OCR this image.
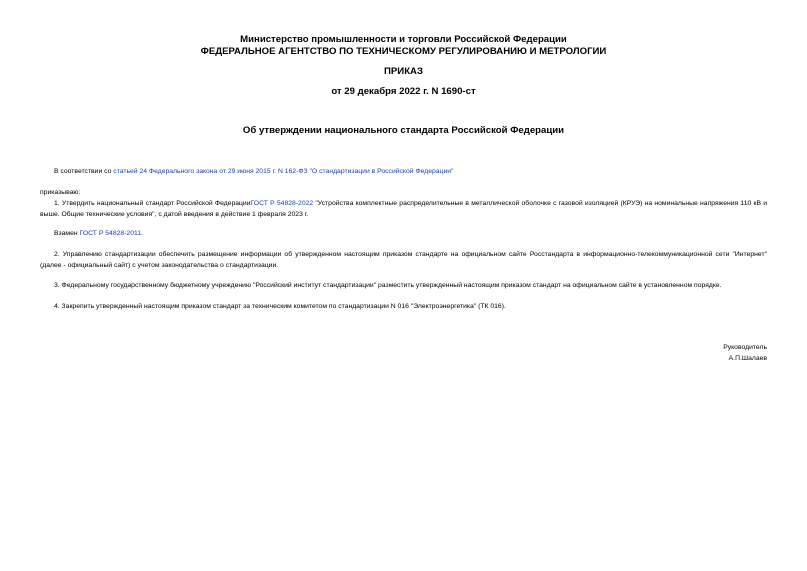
Министерство промышленности и торговли Российской Федерации
ФЕДЕРАЛЬНОЕ АГЕНТСТВО ПО ТЕХНИЧЕСКОМУ РЕГУЛИРОВАНИЮ И МЕТРОЛОГИИ
ПРИКАЗ
от 29 декабря 2022 г. N 1690-ст
Об утверждении национального стандарта Российской Федерации
В соответствии со статьей 24 Федерального закона от 29 июня 2015 г. N 162-ФЗ "О стандартизации в Российской Федерации"
приказываю:
1. Утвердить национальный стандарт Российской ФедерацииГОСТ Р 54828-2022 "Устройства комплектные распределительные в металлической оболочке с газовой изоляцией (КРУЭ) на номинальные напряжения 110 кВ и выше. Общие технические условия", с датой введения в действие 1 февраля 2023 г.
Взамен ГОСТ Р 54828-2011.
2. Управлению стандартизации обеспечить размещение информации об утвержденном настоящим приказом стандарте на официальном сайте Росстандарта в информационно-телекоммуникационной сети "Интернет" (далее - официальный сайт) с учетом законодательства о стандартизации.
3. Федеральному государственному бюджетному учреждению "Российский институт стандартизации" разместить утвержденный настоящим приказом стандарт на официальном сайте в установленном порядке.
4. Закрепить утвержденный настоящим приказом стандарт за техническим комитетом по стандартизации N 016 "Электроэнергетика" (ТК 016).
Руководитель
А.П.Шалаев
